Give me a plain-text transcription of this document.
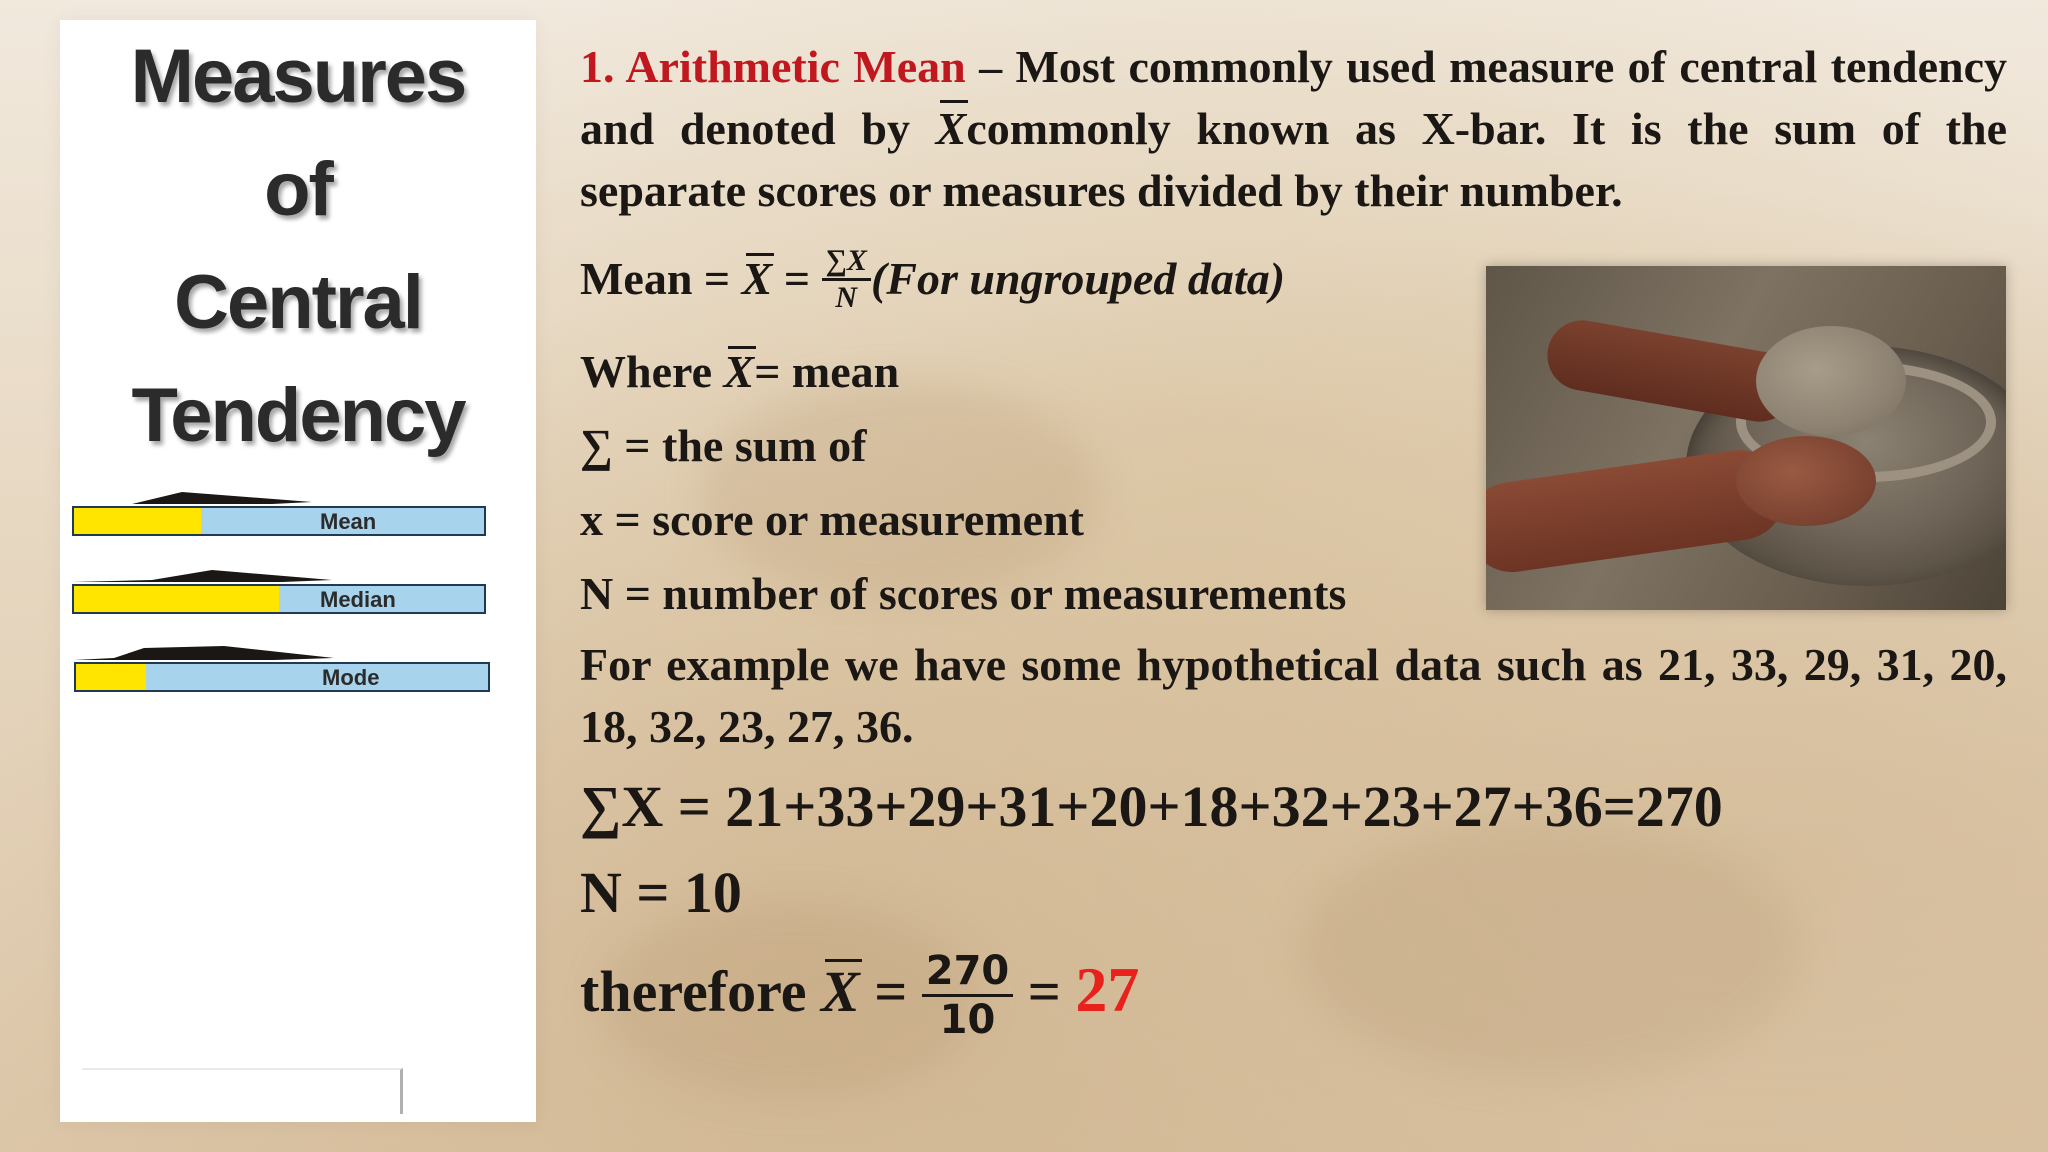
Measures
of
Central
Tendency
Mean
Median
Mode
1. Arithmetic Mean – Most commonly used measure of central tendency and denoted by Xcommonly known as X-bar. It is the sum of the separate scores or measures divided by their number.
Mean = $X = \frac{\sum X}{N} (For$ ungrouped data)
Where X= mean
∑ = the sum of
x = score or measurement
N = number of scores or measurements
For example we have some hypothetical data such as 21, 33, 29, 31, 20, 18, 32, 23, 27, 36.
∑X = 21+33+29+31+20+18+32+23+27+36=270
N = 10
therefore $X = \frac{270}{10} = 27$
